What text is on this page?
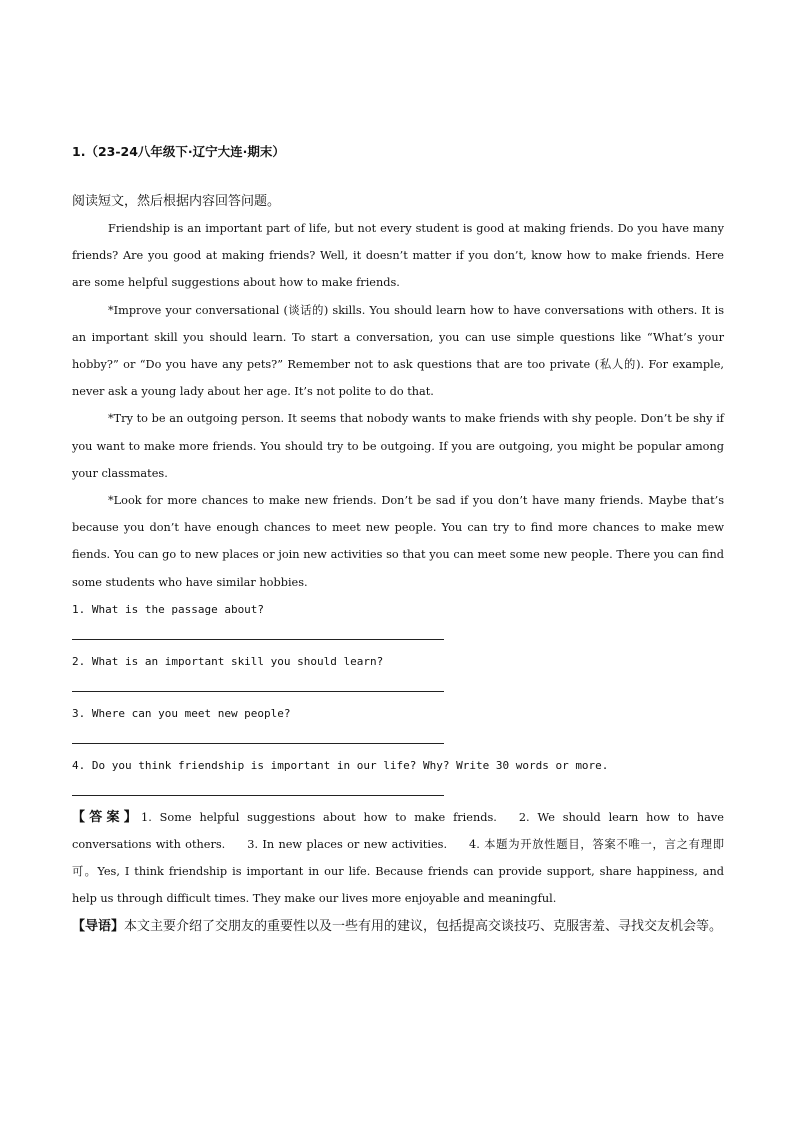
1.（23-24八年级下·辽宁大连·期末）
阅读短文，然后根据内容回答问题。

Friendship is an important part of life, but not every student is good at making friends. Do you have many friends? Are you good at making friends? Well, it doesn’t matter if you don’t, know how to make friends. Here are some helpful suggestions about how to make friends.

*Improve your conversational (谈话的) skills. You should learn how to have conversations with others. It is an important skill you should learn. To start a conversation, you can use simple questions like “What’s your hobby?” or “Do you have any pets?” Remember not to ask questions that are too private (私人的). For example, never ask a young lady about her age. It’s not polite to do that.

*Try to be an outgoing person. It seems that nobody wants to make friends with shy people. Don’t be shy if you want to make more friends. You should try to be outgoing. If you are outgoing, you might be popular among your classmates.

*Look for more chances to make new friends. Don’t be sad if you don’t have many friends. Maybe that’s because you don’t have enough chances to meet new people. You can try to find more chances to make mew fiends. You can go to new places or join new activities so that you can meet some new people. There you can find some students who have similar hobbies.

1. What is the passage about?
2. What is an important skill you should learn?
3. Where can you meet new people?
4. Do you think friendship is important in our life? Why? Write 30 words or more.
【答案】1. Some helpful suggestions about how to make friends. 2. We should learn how to have conversations with others. 3. In new places or new activities. 4. 本题为开放性题目，答案不唯一，言之有理即可。Yes, I think friendship is important in our life. Because friends can provide support, share happiness, and help us through difficult times. They make our lives more enjoyable and meaningful.
【导语】本文主要介绍了交朋友的重要性以及一些有用的建议，包括提高交谈技巧、克服害羞、寻找交友机会等。
